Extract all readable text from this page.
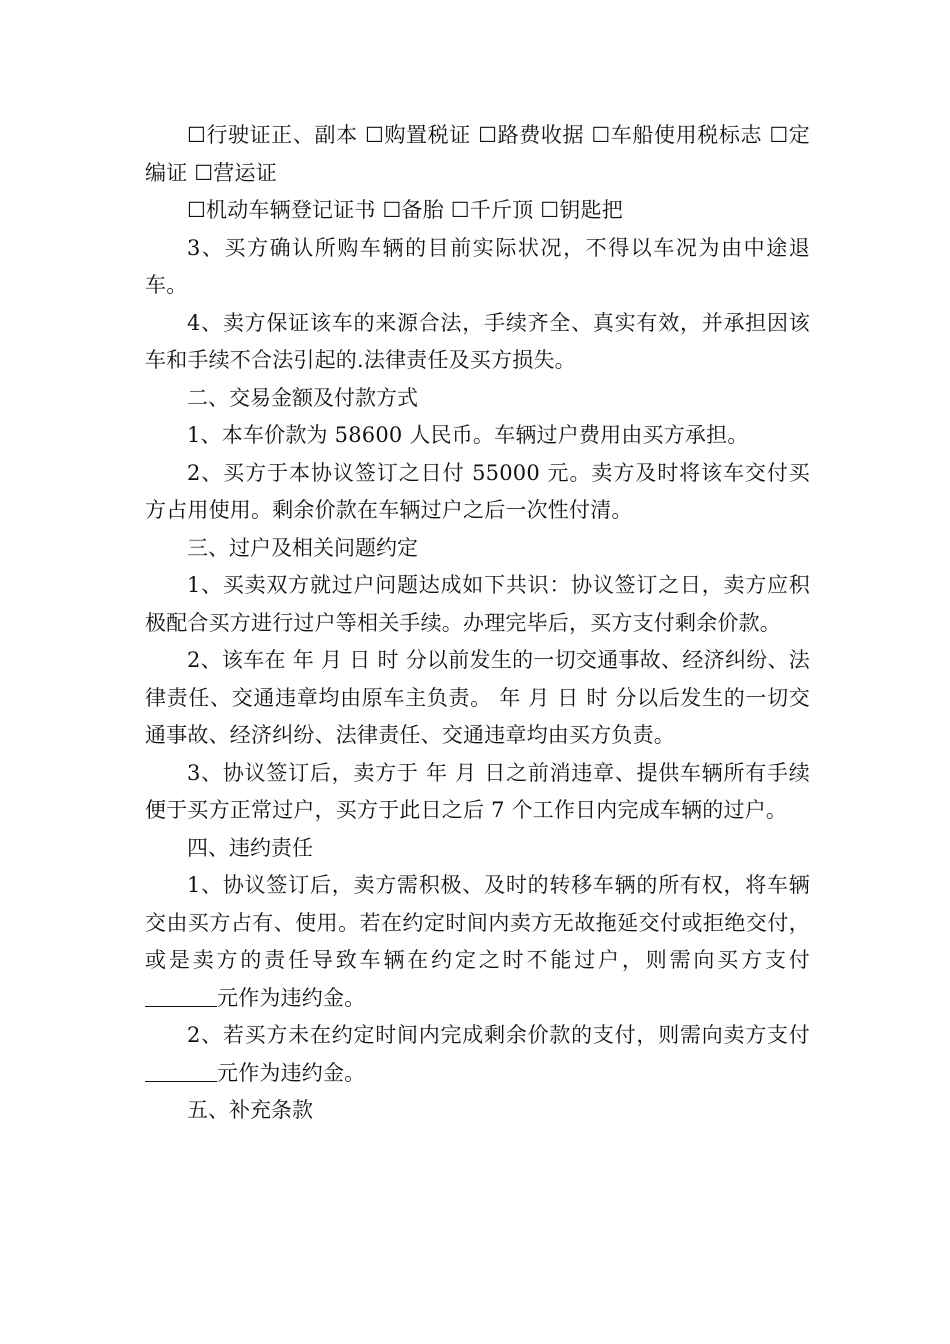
☐行驶证正、副本 ☐购置税证 ☐路费收据 ☐车船使用税标志 ☐定编证 ☐营运证

☐机动车辆登记证书 ☐备胎 ☐千斤顶 ☐钥匙把

3、买方确认所购车辆的目前实际状况，不得以车况为由中途退车。

4、卖方保证该车的来源合法，手续齐全、真实有效，并承担因该车和手续不合法引起的.法律责任及买方损失。

二、交易金额及付款方式

1、本车价款为 58600 人民币。车辆过户费用由买方承担。

2、买方于本协议签订之日付 55000 元。卖方及时将该车交付买方占用使用。剩余价款在车辆过户之后一次性付清。

三、过户及相关问题约定

1、买卖双方就过户问题达成如下共识：协议签订之日，卖方应积极配合买方进行过户等相关手续。办理完毕后，买方支付剩余价款。

2、该车在 年 月 日 时 分以前发生的一切交通事故、经济纠纷、法律责任、交通违章均由原车主负责。 年 月 日 时 分以后发生的一切交通事故、经济纠纷、法律责任、交通违章均由买方负责。

3、协议签订后，卖方于 年 月 日之前消违章、提供车辆所有手续便于买方正常过户，买方于此日之后 7 个工作日内完成车辆的过户。

四、违约责任

1、协议签订后，卖方需积极、及时的转移车辆的所有权，将车辆交由买方占有、使用。若在约定时间内卖方无故拖延交付或拒绝交付，或是卖方的责任导致车辆在约定之时不能过户，则需向买方支付元作为违约金。

2、若买方未在约定时间内完成剩余价款的支付，则需向卖方支付元作为违约金。

五、补充条款
